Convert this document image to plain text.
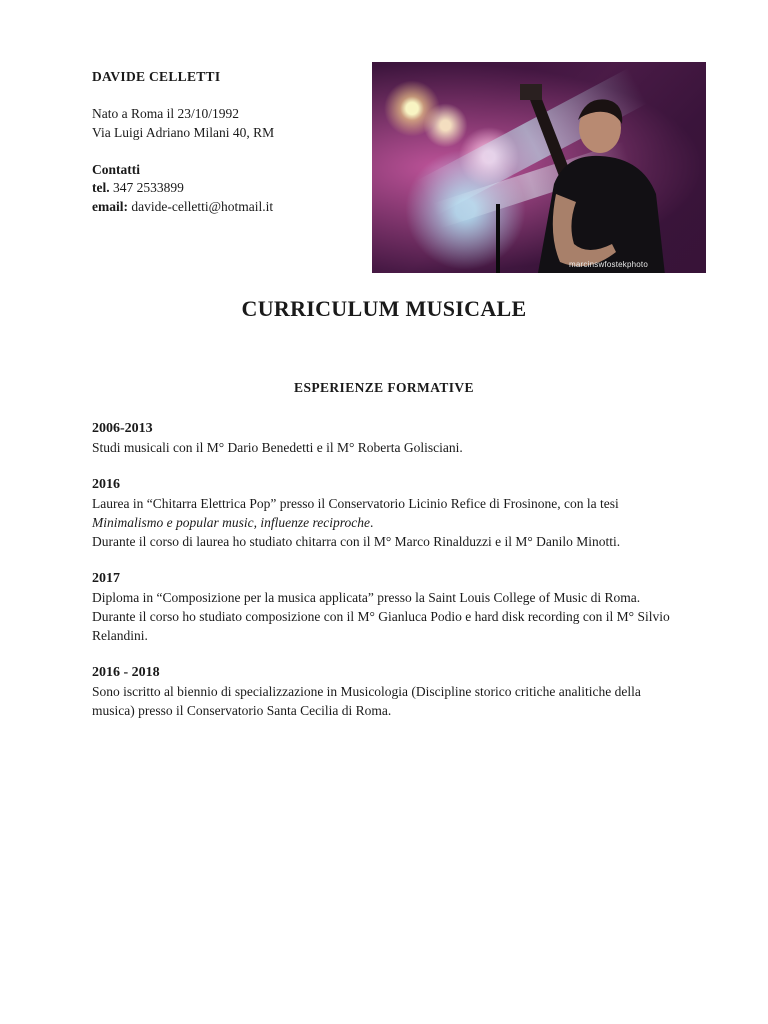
DAVIDE CELLETTI
Nato a Roma il 23/10/1992
Via Luigi Adriano Milani 40, RM
Contatti
tel. 347 2533899
email: davide-celletti@hotmail.it
marcinswfostekphoto
CURRICULUM MUSICALE
ESPERIENZE FORMATIVE
2006-2013

Studi musicali con il M° Dario Benedetti e il M° Roberta Golisciani.

2016

Laurea in “Chitarra Elettrica Pop” presso il Conservatorio Licinio Refice di Frosinone, con la tesi Minimalismo e popular music, influenze reciproche.

Durante il corso di laurea ho studiato chitarra con il M° Marco Rinalduzzi e il M° Danilo Minotti.

2017

Diploma in “Composizione per la musica applicata” presso la Saint Louis College of Music di Roma.

Durante il corso ho studiato composizione con il M° Gianluca Podio e hard disk recording con il M° Silvio Relandini.

2016 - 2018

Sono iscritto al biennio di specializzazione in Musicologia (Discipline storico critiche analitiche della musica) presso il Conservatorio Santa Cecilia di Roma.
